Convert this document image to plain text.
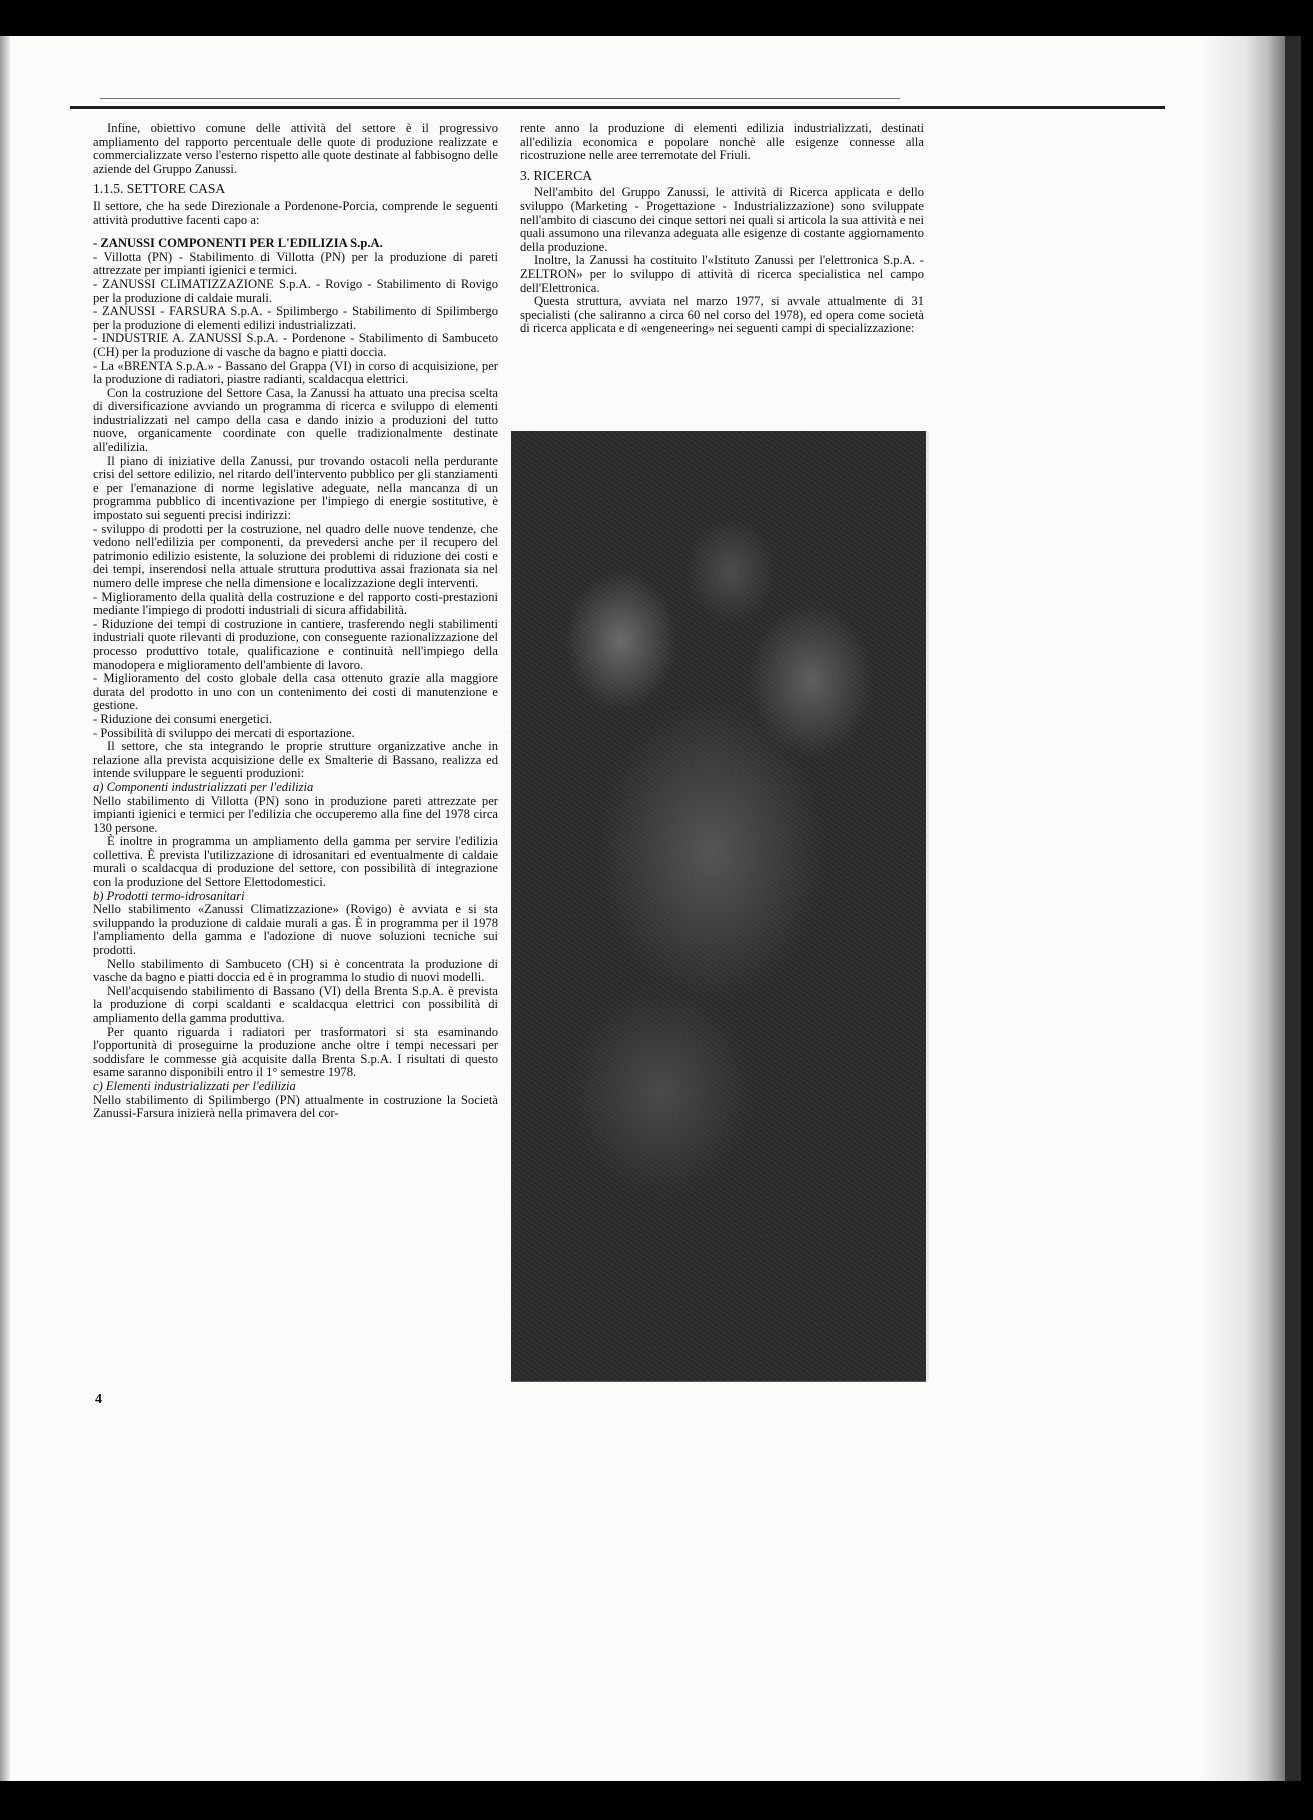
Infine, obiettivo comune delle attività del settore è il progressivo ampliamento del rapporto percentuale delle quote di produzione realizzate e commercializzate verso l'esterno rispetto alle quote destinate al fabbisogno delle aziende del Gruppo Zanussi.

1.1.5. SETTORE CASA

Il settore, che ha sede Direzionale a Pordenone-Porcia, comprende le seguenti attività produttive facenti capo a:

- ZANUSSI COMPONENTI PER L'EDILIZIA S.p.A.

- Villotta (PN) - Stabilimento di Villotta (PN) per la produzione di pareti attrezzate per impianti igienici e termici.

- ZANUSSI CLIMATIZZAZIONE S.p.A. - Rovigo - Stabilimento di Rovigo per la produzione di caldaie murali.

- ZANUSSI - FARSURA S.p.A. - Spilimbergo - Stabilimento di Spilimbergo per la produzione di elementi edilizi industrializzati.

- INDUSTRIE A. ZANUSSI S.p.A. - Pordenone - Stabilimento di Sambuceto (CH) per la produzione di vasche da bagno e piatti doccia.

- La «BRENTA S.p.A.» - Bassano del Grappa (VI) in corso di acquisizione, per la produzione di radiatori, piastre radianti, scaldacqua elettrici.

Con la costruzione del Settore Casa, la Zanussi ha attuato una precisa scelta di diversificazione avviando un programma di ricerca e sviluppo di elementi industrializzati nel campo della casa e dando inizio a produzioni del tutto nuove, organicamente coordinate con quelle tradizionalmente destinate all'edilizia.

Il piano di iniziative della Zanussi, pur trovando ostacoli nella perdurante crisi del settore edilizio, nel ritardo dell'intervento pubblico per gli stanziamenti e per l'emanazione di norme legislative adeguate, nella mancanza di un programma pubblico di incentivazione per l'impiego di energie sostitutive, è impostato sui seguenti precisi indirizzi:

- sviluppo di prodotti per la costruzione, nel quadro delle nuove tendenze, che vedono nell'edilizia per componenti, da prevedersi anche per il recupero del patrimonio edilizio esistente, la soluzione dei problemi di riduzione dei costi e dei tempi, inserendosi nella attuale struttura produttiva assai frazionata sia nel numero delle imprese che nella dimensione e localizzazione degli interventi.

- Miglioramento della qualità della costruzione e del rapporto costi-prestazioni mediante l'impiego di prodotti industriali di sicura affidabilità.

- Riduzione dei tempi di costruzione in cantiere, trasferendo negli stabilimenti industriali quote rilevanti di produzione, con conseguente razionalizzazione del processo produttivo totale, qualificazione e continuità nell'impiego della manodopera e miglioramento dell'ambiente di lavoro.

- Miglioramento del costo globale della casa ottenuto grazie alla maggiore durata del prodotto in uno con un contenimento dei costi di manutenzione e gestione.

- Riduzione dei consumi energetici.

- Possibilità di sviluppo dei mercati di esportazione.

Il settore, che sta integrando le proprie strutture organizzative anche in relazione alla prevista acquisizione delle ex Smalterie di Bassano, realizza ed intende sviluppare le seguenti produzioni:

a) Componenti industrializzati per l'edilizia

Nello stabilimento di Villotta (PN) sono in produzione pareti attrezzate per impianti igienici e termici per l'edilizia che occuperemo alla fine del 1978 circa 130 persone.

È inoltre in programma un ampliamento della gamma per servire l'edilizia collettiva. È prevista l'utilizzazione di idrosanitari ed eventualmente di caldaie murali o scaldacqua di produzione del settore, con possibilità di integrazione con la produzione del Settore Elettodomestici.

b) Prodotti termo-idrosanitari

Nello stabilimento «Zanussi Climatizzazione» (Rovigo) è avviata e si sta sviluppando la produzione di caldaie murali a gas. È in programma per il 1978 l'ampliamento della gamma e l'adozione di nuove soluzioni tecniche sui prodotti.

Nello stabilimento di Sambuceto (CH) si è concentrata la produzione di vasche da bagno e piatti doccia ed è in programma lo studio di nuovi modelli.

Nell'acquisendo stabilimento di Bassano (VI) della Brenta S.p.A. è prevista la produzione di corpi scaldanti e scaldacqua elettrici con possibilità di ampliamento della gamma produttiva.

Per quanto riguarda i radiatori per trasformatori si sta esaminando l'opportunità di proseguirne la produzione anche oltre i tempi necessari per soddisfare le commesse già acquisite dalla Brenta S.p.A. I risultati di questo esame saranno disponibili entro il 1° semestre 1978.

c) Elementi industrializzati per l'edilizia

Nello stabilimento di Spilimbergo (PN) attualmente in costruzione la Società Zanussi-Farsura inizierà nella primavera del cor-

rente anno la produzione di elementi edilizia industrializzati, destinati all'edilizia economica e popolare nonchè alle esigenze connesse alla ricostruzione nelle aree terremotate del Friuli.

3. RICERCA

Nell'ambito del Gruppo Zanussi, le attività di Ricerca applicata e dello sviluppo (Marketing - Progettazione - Industrializzazione) sono sviluppate nell'ambito di ciascuno dei cinque settori nei quali si articola la sua attività e nei quali assumono una rilevanza adeguata alle esigenze di costante aggiornamento della produzione.

Inoltre, la Zanussi ha costituito l'«Istituto Zanussi per l'elettronica S.p.A. - ZELTRON» per lo sviluppo di attività di ricerca specialistica nel campo dell'Elettronica.

Questa struttura, avviata nel marzo 1977, si avvale attualmente di 31 specialisti (che saliranno a circa 60 nel corso del 1978), ed opera come società di ricerca applicata e di «engeneering» nei seguenti campi di specializzazione:

4
